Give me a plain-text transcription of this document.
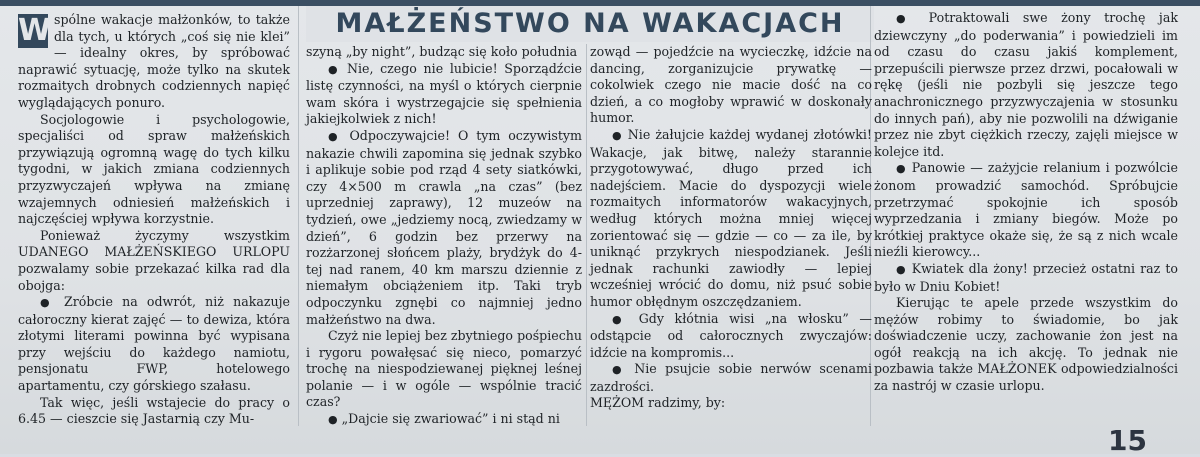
MAŁŻEŃSTWO NA WAKACJACH

W spólne wakacje małżonków, to także dla tych, u których „coś się nie klei” — idealny okres, by spróbować naprawić sytuację, może tylko na skutek rozmaitych drobnych codziennych napięć wyglądających ponuro.

Socjologowie i psychologowie, specjaliści od spraw małżeńskich przywiązują ogromną wagę do tych kilku tygodni, w jakich zmiana codziennych przyzwyczajeń wpływa na zmianę wzajemnych odniesień małżeńskich i najczęściej wpływa korzystnie.

Ponieważ życzymy wszystkim UDANEGO MAŁŻEŃSKIEGO URLOPU pozwalamy sobie przekazać kilka rad dla obojga:

● Zróbcie na odwrót, niż nakazuje całoroczny kierat zajęć — to dewiza, która złotymi literami powinna być wypisana przy wejściu do każdego namiotu, pensjonatu FWP, hotelowego apartamentu, czy górskiego szałasu.

Tak więc, jeśli wstajecie do pracy o 6.45 — cieszcie się Jastarnią czy Mu-

szyną „by night”, budząc się koło południa

● Nie, czego nie lubicie! Sporządźcie listę czynności, na myśl o których cierpnie wam skóra i wystrzegajcie się spełnienia jakiejkolwiek z nich!

● Odpoczywajcie! O tym oczywistym nakazie chwili zapomina się jednak szybko i aplikuje sobie pod rząd 4 sety siatkówki, czy 4×500 m crawla „na czas” (bez uprzedniej zaprawy), 12 muzeów na tydzień, owe „jedziemy nocą, zwiedzamy w dzień”, 6 godzin bez przerwy na rozżarzonej słońcem plaży, brydżyk do 4-tej nad ranem, 40 km marszu dziennie z niemałym obciążeniem itp. Taki tryb odpoczynku zgnębi co najmniej jedno małżeństwo na dwa.

Czyż nie lepiej bez zbytniego pośpiechu i rygoru powałęsać się nieco, pomarzyć trochę na niespodziewanej pięknej leśnej polanie — i w ogóle — wspólnie tracić czas?

● „Dajcie się zwariować” i ni stąd ni

zowąd — pojedźcie na wycieczkę, idźcie na dancing, zorganizujcie prywatkę — cokolwiek czego nie macie dość na co dzień, a co mogłoby wprawić w doskonały humor.

● Nie żałujcie każdej wydanej złotówki! Wakacje, jak bitwę, należy starannie przygotowywać, długo przed ich nadejściem. Macie do dyspozycji wiele rozmaitych informatorów wakacyjnych, według których można mniej więcej zorientować się — gdzie — co — za ile, by uniknąć przykrych niespodzianek. Jeśli jednak rachunki zawiodły — lepiej wcześniej wrócić do domu, niż psuć sobie humor obłędnym oszczędzaniem.

● Gdy kłótnia wisi „na włosku” — odstąpcie od całorocznych zwyczajów: idźcie na kompromis...

● Nie psujcie sobie nerwów scenami zazdrości.

MĘŻOM radzimy, by:

● Potraktowali swe żony trochę jak dziewczyny „do poderwania” i powiedzieli im od czasu do czasu jakiś komplement, przepuścili pierwsze przez drzwi, pocałowali w rękę (jeśli nie pozbyli się jeszcze tego anachronicznego przyzwyczajenia w stosunku do innych pań), aby nie pozwolili na dźwiganie przez nie zbyt ciężkich rzeczy, zajęli miejsce w kolejce itd.

● Panowie — zażyjcie relanium i pozwólcie żonom prowadzić samochód. Spróbujcie przetrzymać spokojnie ich sposób wyprzedzania i zmiany biegów. Może po krótkiej praktyce okaże się, że są z nich wcale nieźli kierowcy...

● Kwiatek dla żony! przecież ostatni raz to było w Dniu Kobiet!

Kierując te apele przede wszystkim do mężów robimy to świadomie, bo jak doświadczenie uczy, zachowanie żon jest na ogół reakcją na ich akcję. To jednak nie pozbawia także MAŁŻONEK odpowiedzialności za nastrój w czasie urlopu.

15
